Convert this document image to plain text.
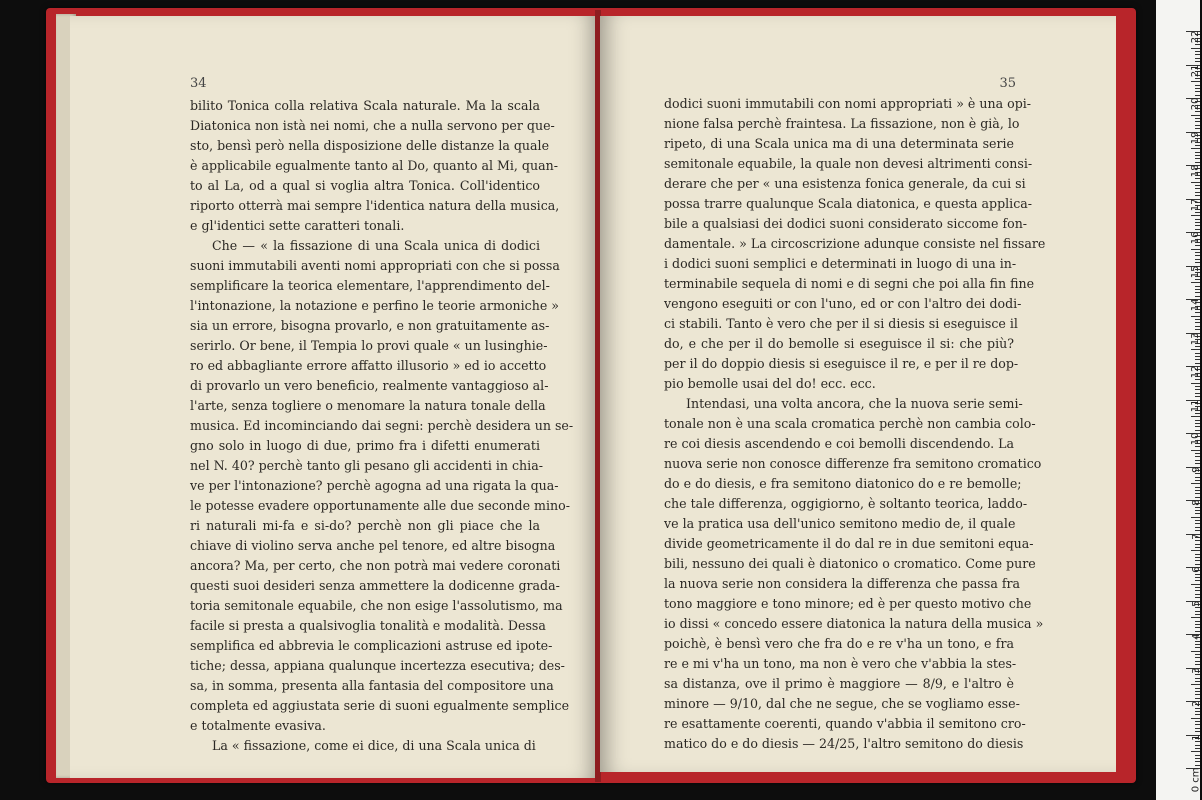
34
bilito Tonica colla relativa Scala naturale. Ma la scala
Diatonica non istà nei nomi, che a nulla servono per que-
sto, bensì però nella disposizione delle distanze la quale
è applicabile egualmente tanto al Do, quanto al Mi, quan-
to al La, od a qual si voglia altra Tonica. Coll'identico
riporto otterrà mai sempre l'identica natura della musica,
e gl'identici sette caratteri tonali.
Che — « la fissazione di una Scala unica di dodici
suoni immutabili aventi nomi appropriati con che si possa
semplificare la teorica elementare, l'apprendimento del-
l'intonazione, la notazione e perfino le teorie armoniche »
sia un errore, bisogna provarlo, e non gratuitamente as-
serirlo. Or bene, il Tempia lo provi quale « un lusinghie-
ro ed abbagliante errore affatto illusorio » ed io accetto
di provarlo un vero beneficio, realmente vantaggioso al-
l'arte, senza togliere o menomare la natura tonale della
musica. Ed incominciando dai segni: perchè desidera un se-
gno solo in luogo di due, primo fra i difetti enumerati
nel N. 40? perchè tanto gli pesano gli accidenti in chia-
ve per l'intonazione? perchè agogna ad una rigata la qua-
le potesse evadere opportunamente alle due seconde mino-
ri naturali mi-fa e si-do? perchè non gli piace che la
chiave di violino serva anche pel tenore, ed altre bisogna
ancora? Ma, per certo, che non potrà mai vedere coronati
questi suoi desideri senza ammettere la dodicenne grada-
toria semitonale equabile, che non esige l'assolutismo, ma
facile si presta a qualsivoglia tonalità e modalità. Dessa
semplifica ed abbrevia le complicazioni astruse ed ipote-
tiche; dessa, appiana qualunque incertezza esecutiva; des-
sa, in somma, presenta alla fantasia del compositore una
completa ed aggiustata serie di suoni egualmente semplice
e totalmente evasiva.
La « fissazione, come ei dice, di una Scala unica di
35
dodici suoni immutabili con nomi appropriati » è una opi-
nione falsa perchè fraintesa. La fissazione, non è già, lo
ripeto, di una Scala unica ma di una determinata serie
semitonale equabile, la quale non devesi altrimenti consi-
derare che per « una esistenza fonica generale, da cui si
possa trarre qualunque Scala diatonica, e questa applica-
bile a qualsiasi dei dodici suoni considerato siccome fon-
damentale. » La circoscrizione adunque consiste nel fissare
i dodici suoni semplici e determinati in luogo di una in-
terminabile sequela di nomi e di segni che poi alla fin fine
vengono eseguiti or con l'uno, ed or con l'altro dei dodi-
ci stabili. Tanto è vero che per il si diesis si eseguisce il
do, e che per il do bemolle si eseguisce il si: che più?
per il do doppio diesis si eseguisce il re, e per il re dop-
pio bemolle usai del do! ecc. ecc.
Intendasi, una volta ancora, che la nuova serie semi-
tonale non è una scala cromatica perchè non cambia colo-
re coi diesis ascendendo e coi bemolli discendendo. La
nuova serie non conosce differenze fra semitono cromatico
do e do diesis, e fra semitono diatonico do e re bemolle;
che tale differenza, oggigiorno, è soltanto teorica, laddo-
ve la pratica usa dell'unico semitono medio de, il quale
divide geometricamente il do dal re in due semitoni equa-
bili, nessuno dei quali è diatonico o cromatico. Come pure
la nuova serie non considera la differenza che passa fra
tono maggiore e tono minore; ed è per questo motivo che
io dissi « concedo essere diatonica la natura della musica »
poichè, è bensì vero che fra do e re v'ha un tono, e fra
re e mi v'ha un tono, ma non è vero che v'abbia la stes-
sa distanza, ove il primo è maggiore — 8/9, e l'altro è
minore — 9/10, dal che ne segue, che se vogliamo esse-
re esattamente coerenti, quando v'abbia il semitono cro-
matico do e do diesis — 24/25, l'altro semitono do diesis
0 cm
1
2
3
4
5
6
7
8
9
10
11
12
13
14
15
16
17
18
19
20
21
22
